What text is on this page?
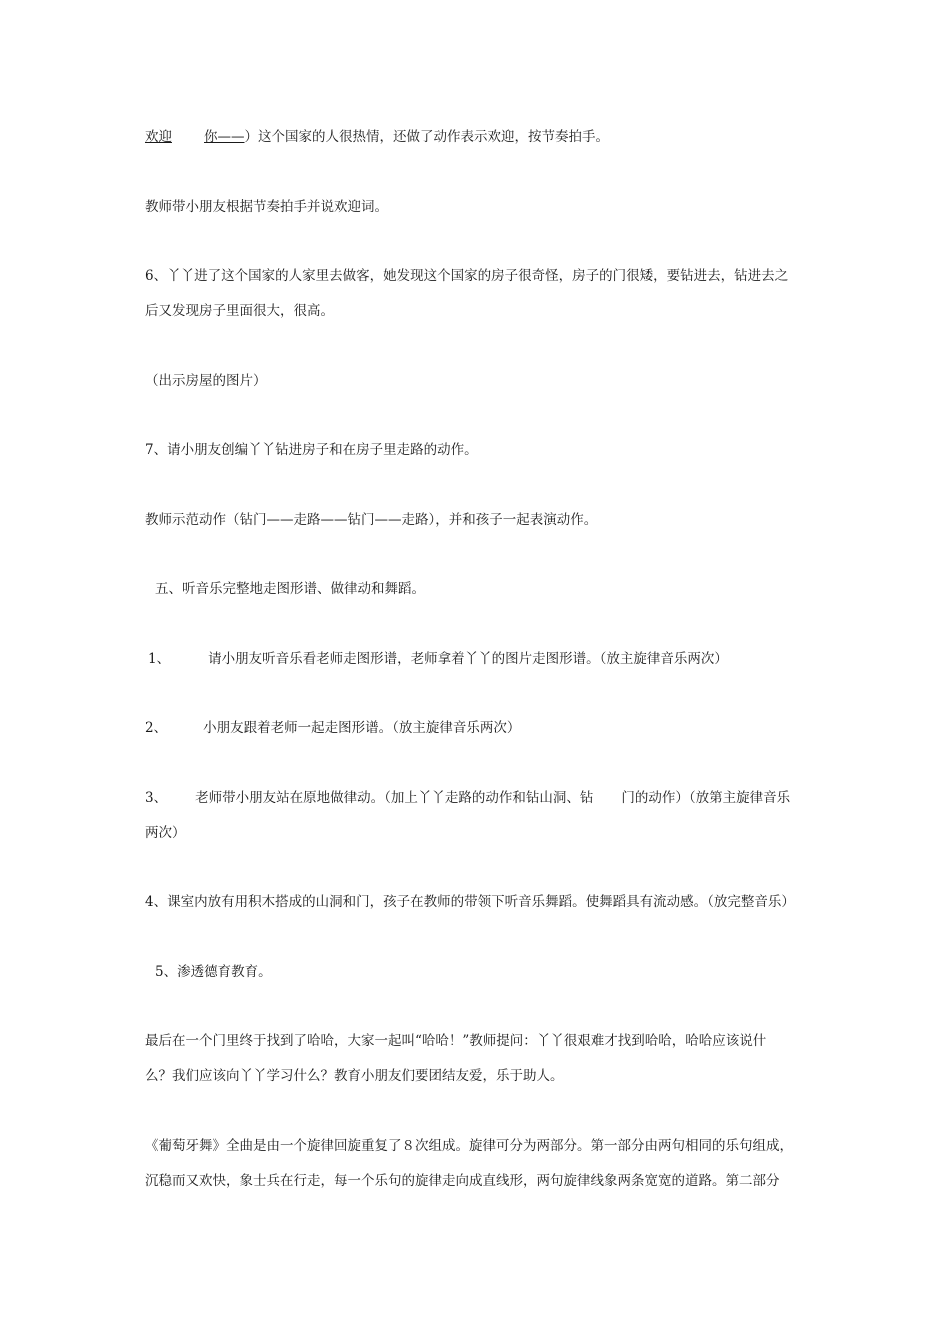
欢迎 你——）这个国家的人很热情，还做了动作表示欢迎，按节奏拍手。
教师带小朋友根据节奏拍手并说欢迎词。
6、丫丫进了这个国家的人家里去做客，她发现这个国家的房子很奇怪，房子的门很矮，要钻进去，钻进去之
后又发现房子里面很大，很高。
（出示房屋的图片）
7、请小朋友创编丫丫钻进房子和在房子里走路的动作。
教师示范动作（钻门——走路——钻门——走路），并和孩子一起表演动作。
五、听音乐完整地走图形谱、做律动和舞蹈。
1、	请小朋友听音乐看老师走图形谱，老师拿着丫丫的图片走图形谱。（放主旋律音乐两次）
2、	小朋友跟着老师一起走图形谱。（放主旋律音乐两次）
3、 老师带小朋友站在原地做律动。（加上丫丫走路的动作和钻山洞、钻 门的动作）（放第主旋律音乐
两次）
4、课室内放有用积木搭成的山洞和门，孩子在教师的带领下听音乐舞蹈。使舞蹈具有流动感。（放完整音乐）
5、渗透德育教育。
最后在一个门里终于找到了哈哈，大家一起叫“哈哈！”教师提问：丫丫很艰难才找到哈哈，哈哈应该说什
么？我们应该向丫丫学习什么？教育小朋友们要团结友爱，乐于助人。
《葡萄牙舞》全曲是由一个旋律回旋重复了８次组成。旋律可分为两部分。第一部分由两句相同的乐句组成，
沉稳而又欢快，象士兵在行走，每一个乐句的旋律走向成直线形，两句旋律线象两条宽宽的道路。第二部分
